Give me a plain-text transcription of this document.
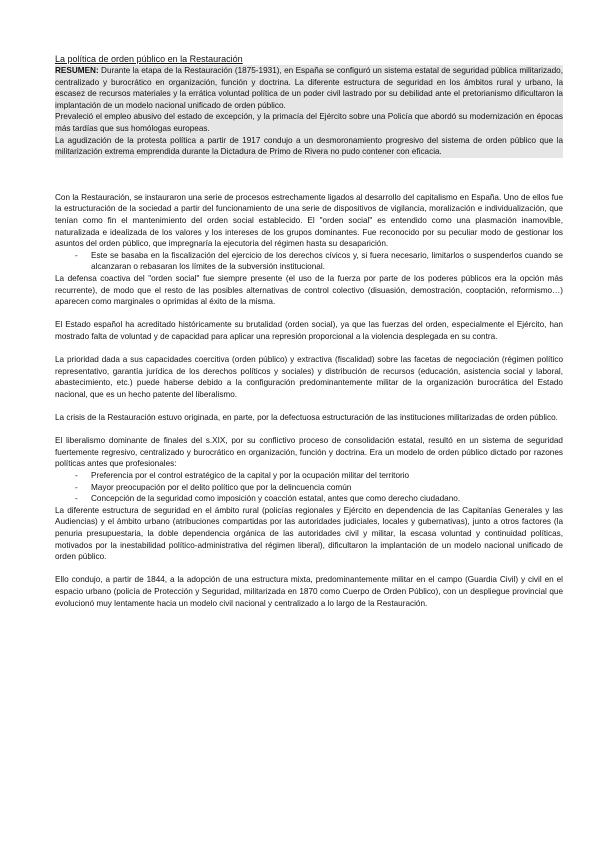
La política de orden público en la Restauración

RESUMEN: Durante la etapa de la Restauración (1875-1931), en España se configuró un sistema estatal de seguridad pública militarizado, centralizado y burocrático en organización, función y doctrina. La diferente estructura de seguridad en los ámbitos rural y urbano, la escasez de recursos materiales y la errática voluntad política de un poder civil lastrado por su debilidad ante el pretorianismo dificultaron la implantación de un modelo nacional unificado de orden público.

Prevaleció el empleo abusivo del estado de excepción, y la primacía del Ejército sobre una Policía que abordó su modernización en épocas más tardías que sus homólogas europeas.

La agudización de la protesta política a partir de 1917 condujo a un desmoronamiento progresivo del sistema de orden público que la militarización extrema emprendida durante la Dictadura de Primo de Rivera no pudo contener con eficacia.

Con la Restauración, se instauraron una serie de procesos estrechamente ligados al desarrollo del capitalismo en España. Uno de ellos fue la estructuración de la sociedad a partir del funcionamiento de una serie de dispositivos de vigilancia, moralización e individualización, que tenían como fin el mantenimiento del orden social establecido. El "orden social" es entendido como una plasmación inamovible, naturalizada e idealizada de los valores y los intereses de los grupos dominantes. Fue reconocido por su peculiar modo de gestionar los asuntos del orden público, que impregnaría la ejecutoria del régimen hasta su desaparición.

- Este se basaba en la fiscalización del ejercicio de los derechos cívicos y, si fuera necesario, limitarlos o suspenderlos cuando se alcanzaran o rebasaran los límites de la subversión institucional.

La defensa coactiva del "orden social" fue siempre presente (el uso de la fuerza por parte de los poderes públicos era la opción más recurrente), de modo que el resto de las posibles alternativas de control colectivo (disuasión, demostración, cooptación, reformismo…) aparecen como marginales o oprimidas al éxito de la misma.

El Estado español ha acreditado históricamente su brutalidad (orden social), ya que las fuerzas del orden, especialmente el Ejército, han mostrado falta de voluntad y de capacidad para aplicar una represión proporcional a la violencia desplegada en su contra.

La prioridad dada a sus capacidades coercitiva (orden público) y extractiva (fiscalidad) sobre las facetas de negociación (régimen político representativo, garantía jurídica de los derechos políticos y sociales) y distribución de recursos (educación, asistencia social y laboral, abastecimiento, etc.) puede haberse debido a la configuración predominantemente militar de la organización burocrática del Estado nacional, que es un hecho patente del liberalismo.

La crisis de la Restauración estuvo originada, en parte, por la defectuosa estructuración de las instituciones militarizadas de orden público.

El liberalismo dominante de finales del s.XIX, por su conflictivo proceso de consolidación estatal, resultó en un sistema de seguridad fuertemente regresivo, centralizado y burocrático en organización, función y doctrina. Era un modelo de orden público dictado por razones políticas antes que profesionales:

- Preferencia por el control estratégico de la capital y por la ocupación militar del territorio
- Mayor preocupación por el delito político que por la delincuencia común
- Concepción de la seguridad como imposición y coacción estatal, antes que como derecho ciudadano.

La diferente estructura de seguridad en el ámbito rural (policías regionales y Ejército en dependencia de las Capitanías Generales y las Audiencias) y el ámbito urbano (atribuciones compartidas por las autoridades judiciales, locales y gubernativas), junto a otros factores (la penuria presupuestaria, la doble dependencia orgánica de las autoridades civil y militar, la escasa voluntad y continuidad políticas, motivados por la inestabilidad político-administrativa del régimen liberal), dificultaron la implantación de un modelo nacional unificado de orden público.

Ello condujo, a partir de 1844, a la adopción de una estructura mixta, predominantemente militar en el campo (Guardia Civil) y civil en el espacio urbano (policía de Protección y Seguridad, militarizada en 1870 como Cuerpo de Orden Público), con un despliegue provincial que evolucionó muy lentamente hacia un modelo civil nacional y centralizado a lo largo de la Restauración.
